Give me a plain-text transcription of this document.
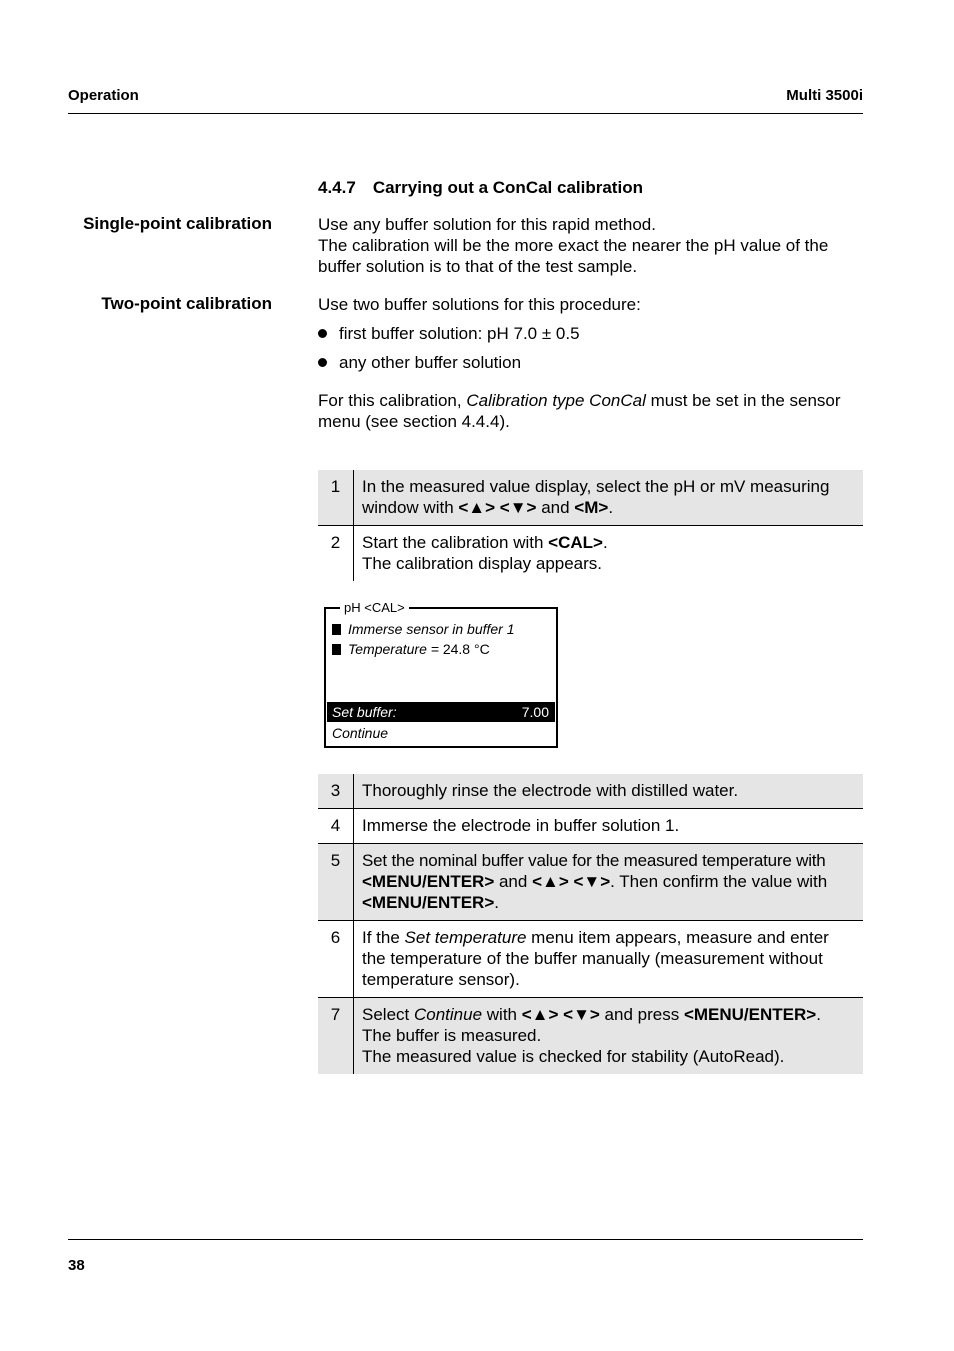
Operation	Multi 3500i
4.4.7 Carrying out a ConCal calibration
Single-point calibration	Use any buffer solution for this rapid method.
The calibration will be the more exact the nearer the pH value of the
buffer solution is to that of the test sample.
Two-point calibration	Use two buffer solutions for this procedure:
first buffer solution: pH 7.0 ± 0.5
any other buffer solution
For this calibration, Calibration type ConCal must be set in the sensor
menu (see section 4.4.4).
1	In the measured value display, select the pH or mV measuring
window with <▲> <▼> and <M>.

2	Start the calibration with <CAL>.
The calibration display appears.
pH <CAL>
Immerse sensor in buffer 1
Temperature = 24.8 °C
Set buffer:	7.00
Continue
3	Thoroughly rinse the electrode with distilled water.
4	Immerse the electrode in buffer solution 1.
5	Set the nominal buffer value for the measured temperature with
<MENU/ENTER> and <▲> <▼>. Then confirm the value with
<MENU/ENTER>.

6	If the Set temperature menu item appears, measure and enter
the temperature of the buffer manually (measurement without
temperature sensor).

7	Select Continue with <▲> <▼> and press <MENU/ENTER>.
The buffer is measured.
The measured value is checked for stability (AutoRead).
38
